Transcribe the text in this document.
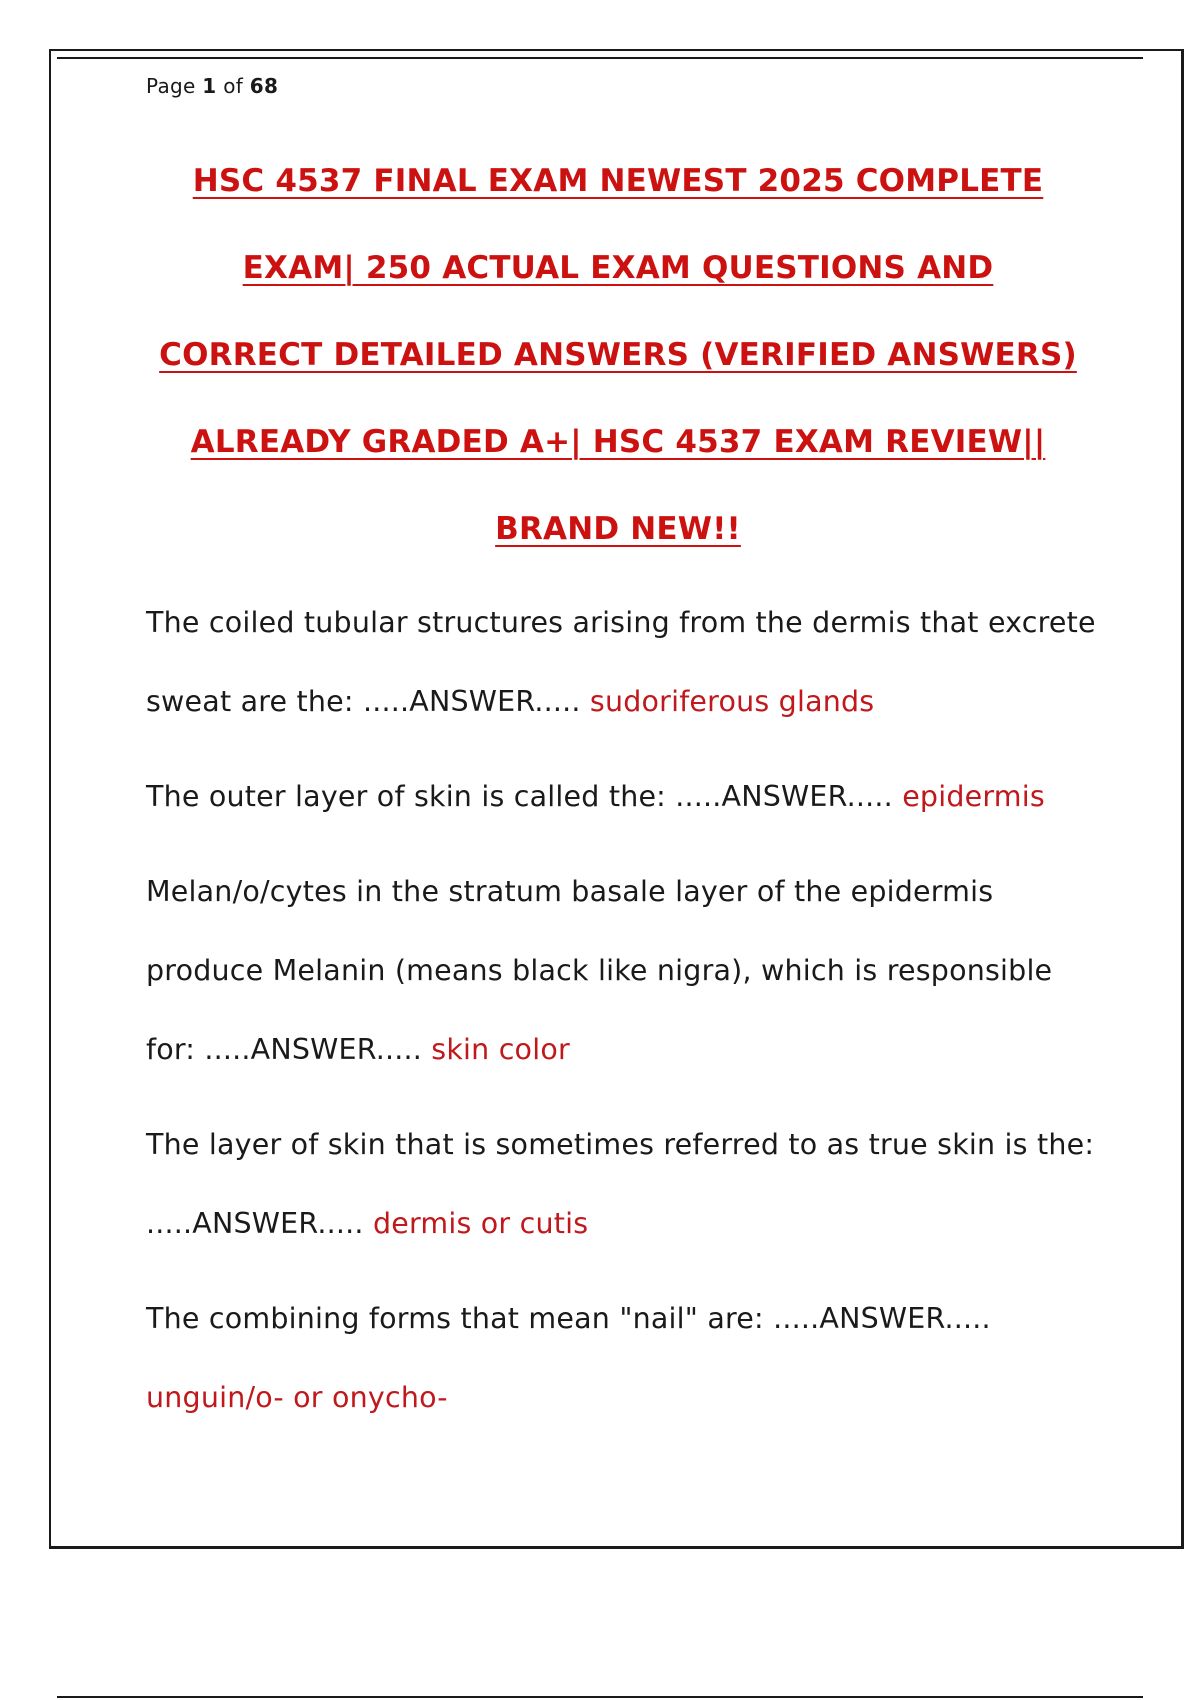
Page 1 of 68
HSC 4537 FINAL EXAM NEWEST 2025 COMPLETE
EXAM| 250 ACTUAL EXAM QUESTIONS AND
CORRECT DETAILED ANSWERS (VERIFIED ANSWERS)
ALREADY GRADED A+| HSC 4537 EXAM REVIEW||
BRAND NEW!!

The coiled tubular structures arising from the dermis that excrete sweat are the: .....ANSWER..... sudoriferous glands

The outer layer of skin is called the: .....ANSWER..... epidermis

Melan/o/cytes in the stratum basale layer of the epidermis produce Melanin (means black like nigra), which is responsible for: .....ANSWER..... skin color

The layer of skin that is sometimes referred to as true skin is the: .....ANSWER..... dermis or cutis

The combining forms that mean "nail" are: .....ANSWER..... unguin/o- or onycho-
